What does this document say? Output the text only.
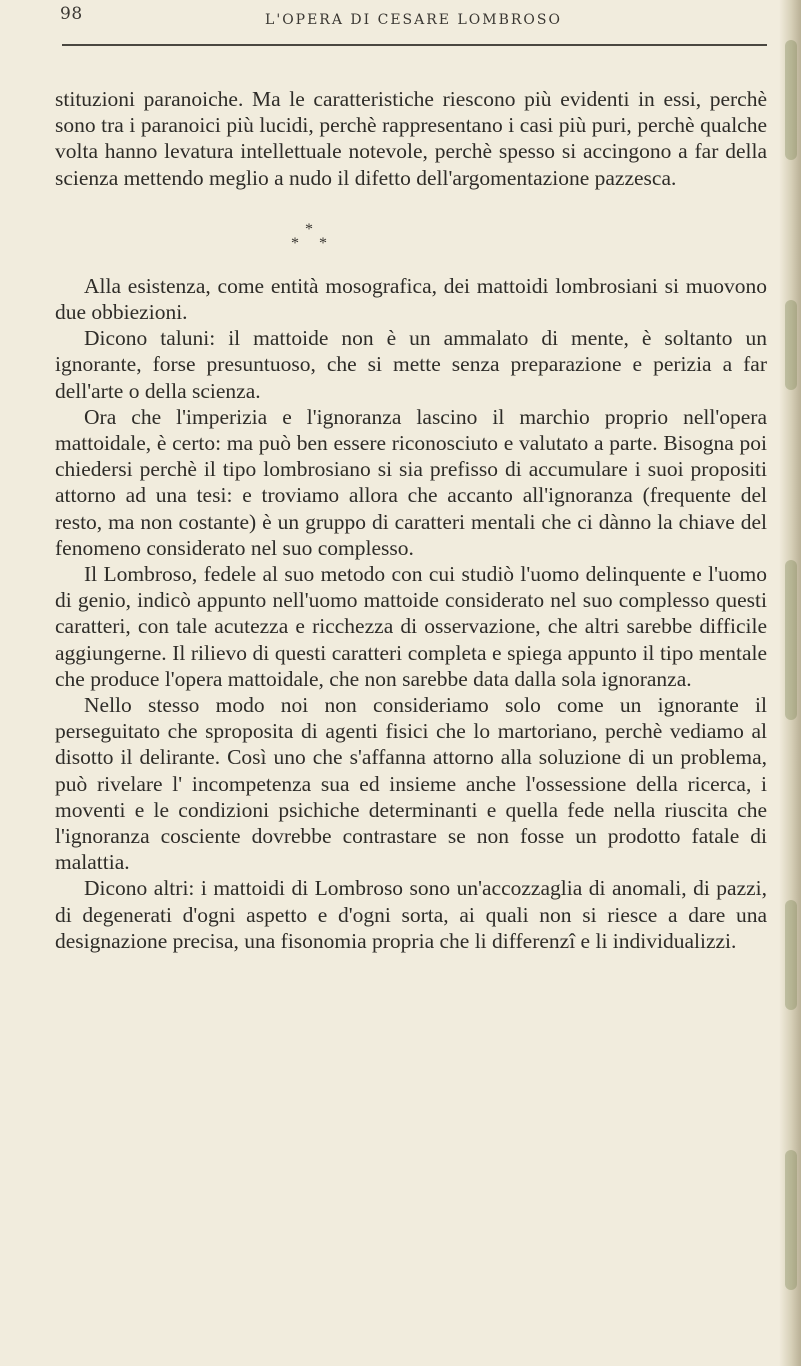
98	L'OPERA DI CESARE LOMBROSO

stituzioni paranoiche. Ma le caratteristiche riescono più evidenti in essi, perchè sono tra i paranoici più lucidi, perchè rappresentano i casi più puri, perchè qualche volta hanno levatura intellettuale notevole, perchè spesso si accingono a far della scienza mettendo meglio a nudo il difetto dell'argomentazione pazzesca.

*
* *

Alla esistenza, come entità mosografica, dei mattoidi lombrosiani si muovono due obbiezioni.

Dicono taluni: il mattoide non è un ammalato di mente, è soltanto un ignorante, forse presuntuoso, che si mette senza preparazione e perizia a far dell'arte o della scienza.

Ora che l'imperizia e l'ignoranza lascino il marchio proprio nell'opera mattoidale, è certo: ma può ben essere riconosciuto e valutato a parte. Bisogna poi chiedersi perchè il tipo lombrosiano si sia prefisso di accumulare i suoi propositi attorno ad una tesi: e troviamo allora che accanto all'ignoranza (frequente del resto, ma non costante) è un gruppo di caratteri mentali che ci dànno la chiave del fenomeno considerato nel suo complesso.

Il Lombroso, fedele al suo metodo con cui studiò l'uomo delinquente e l'uomo di genio, indicò appunto nell'uomo mattoide considerato nel suo complesso questi caratteri, con tale acutezza e ricchezza di osservazione, che altri sarebbe difficile aggiungerne. Il rilievo di questi caratteri completa e spiega appunto il tipo mentale che produce l'opera mattoidale, che non sarebbe data dalla sola ignoranza.

Nello stesso modo noi non consideriamo solo come un ignorante il perseguitato che sproposita di agenti fisici che lo martoriano, perchè vediamo al disotto il delirante. Così uno che s'affanna attorno alla soluzione di un problema, può rivelare l' incompetenza sua ed insieme anche l'ossessione della ricerca, i moventi e le condizioni psichiche determinanti e quella fede nella riuscita che l'ignoranza cosciente dovrebbe contrastare se non fosse un prodotto fatale di malattia.

Dicono altri: i mattoidi di Lombroso sono un'accozzaglia di anomali, di pazzi, di degenerati d'ogni aspetto e d'ogni sorta, ai quali non si riesce a dare una designazione precisa, una fisonomia propria che li differenzî e li individualizzi.
